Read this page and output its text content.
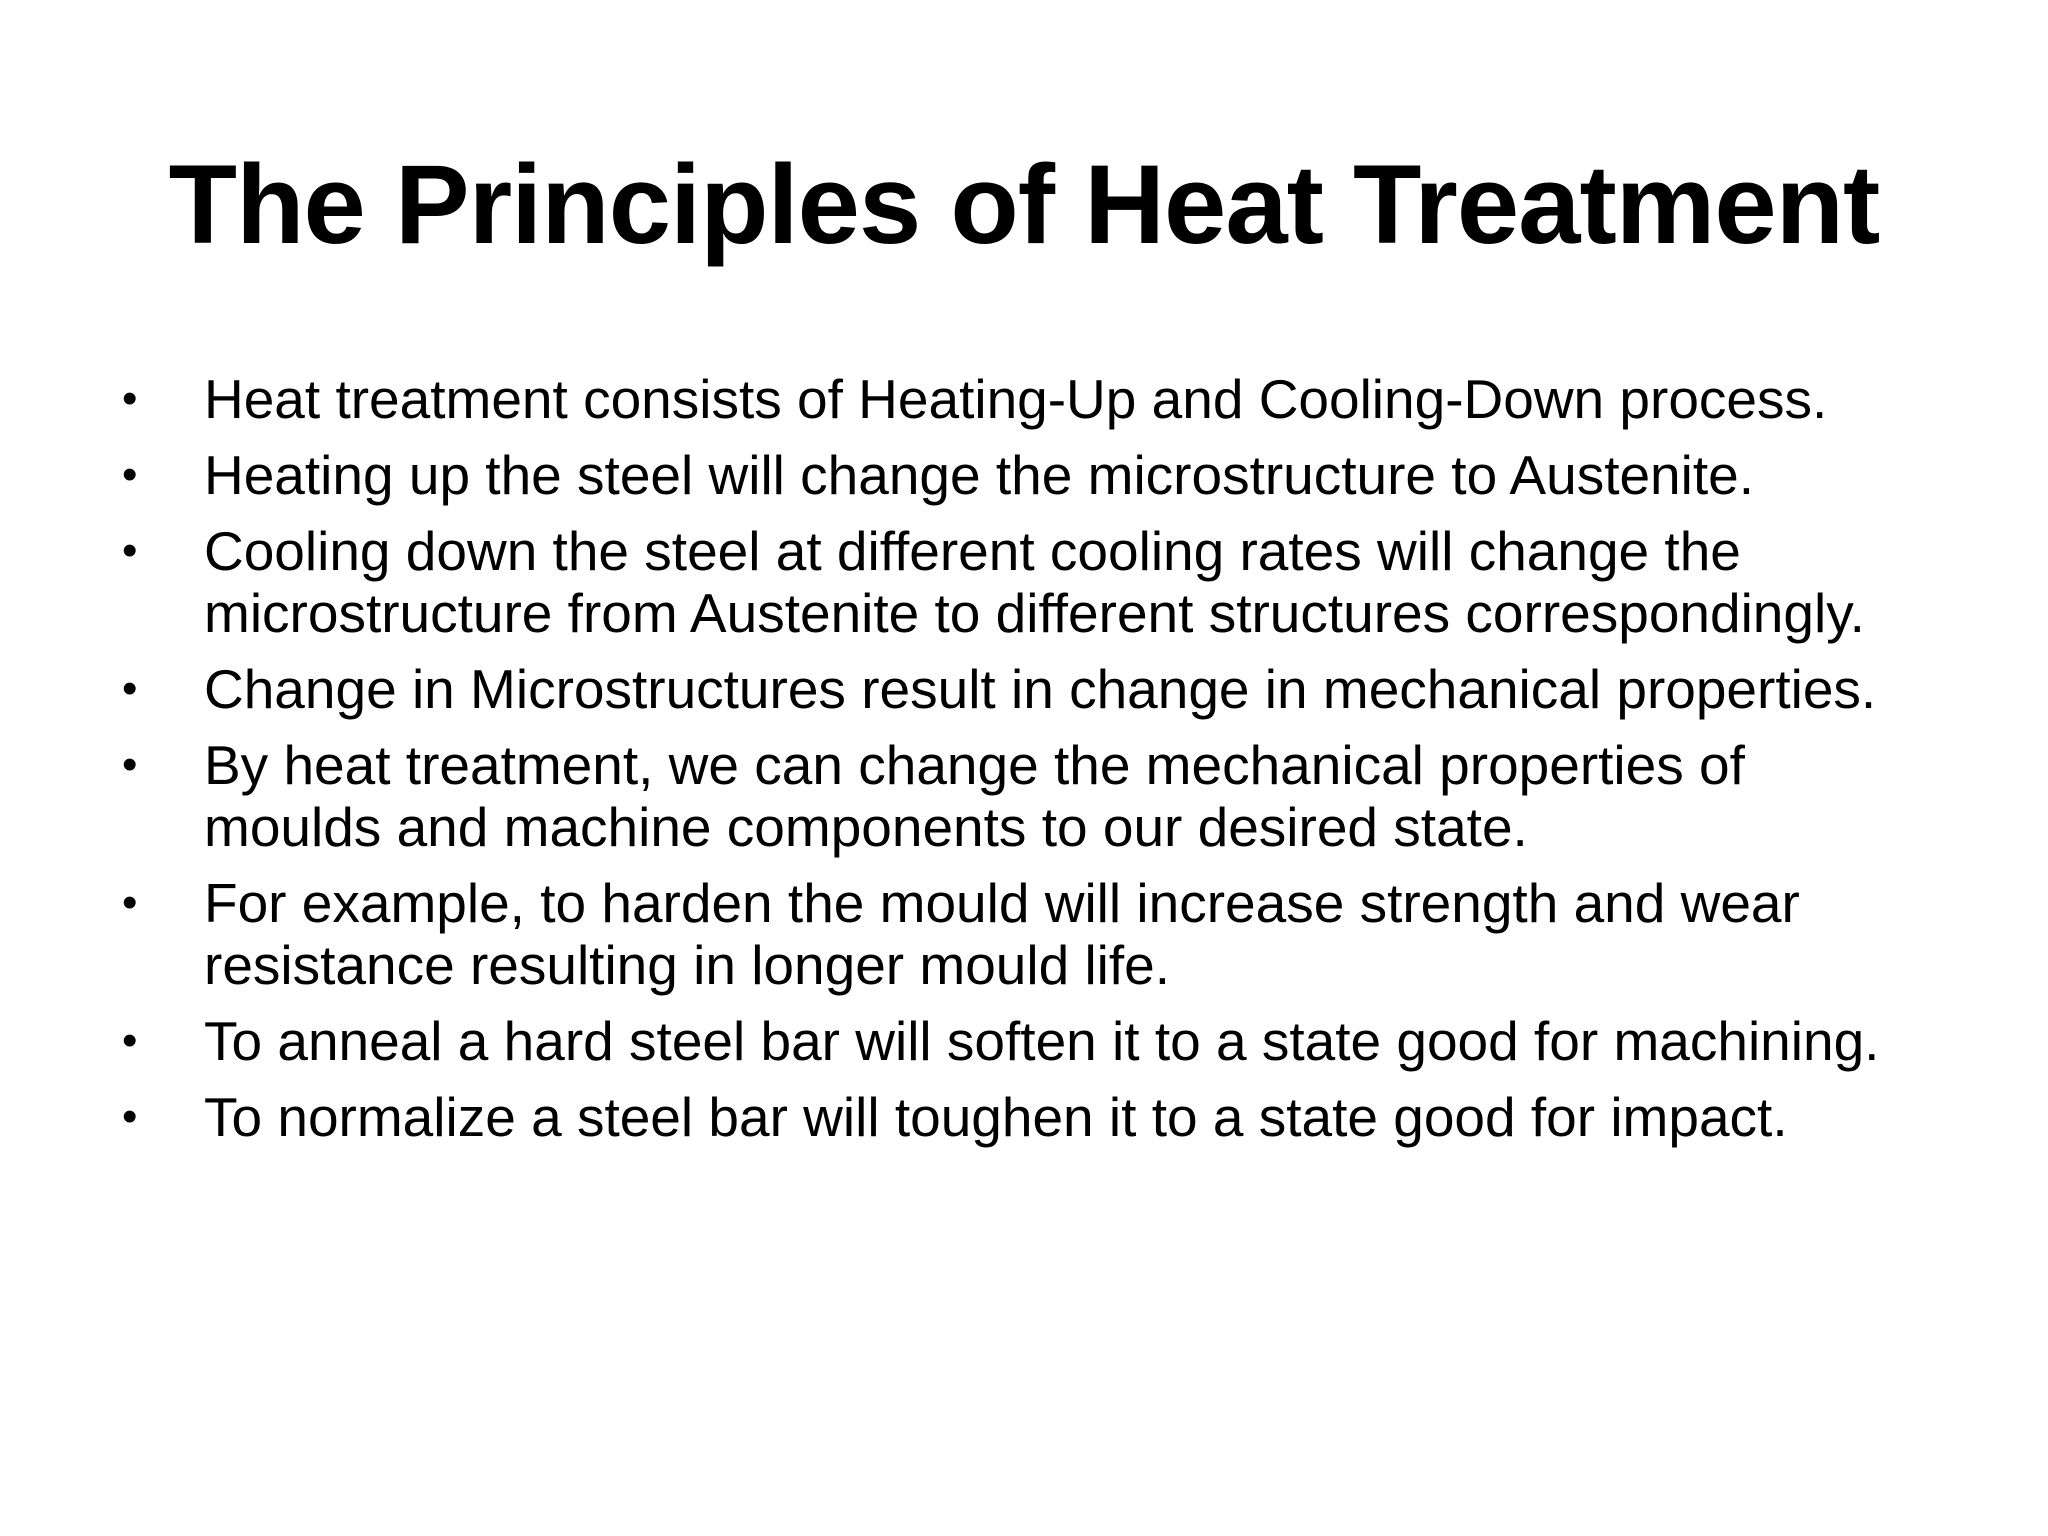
The Principles of Heat Treatment
•	Heat treatment consists of Heating-Up and Cooling-Down process.
•	Heating up the steel will change the microstructure to Austenite.
•	Cooling down the steel at different cooling rates will change the microstructure from Austenite to different structures correspondingly.
•	Change in Microstructures result in change in mechanical properties.
•	By heat treatment, we can change the mechanical properties of moulds and machine components to our desired state.
•	For example, to harden the mould will increase strength and wear resistance resulting in longer mould life.
•	To anneal a hard steel bar will soften it to a state good for machining.
•	To normalize a steel bar will toughen it to a state good for impact.
